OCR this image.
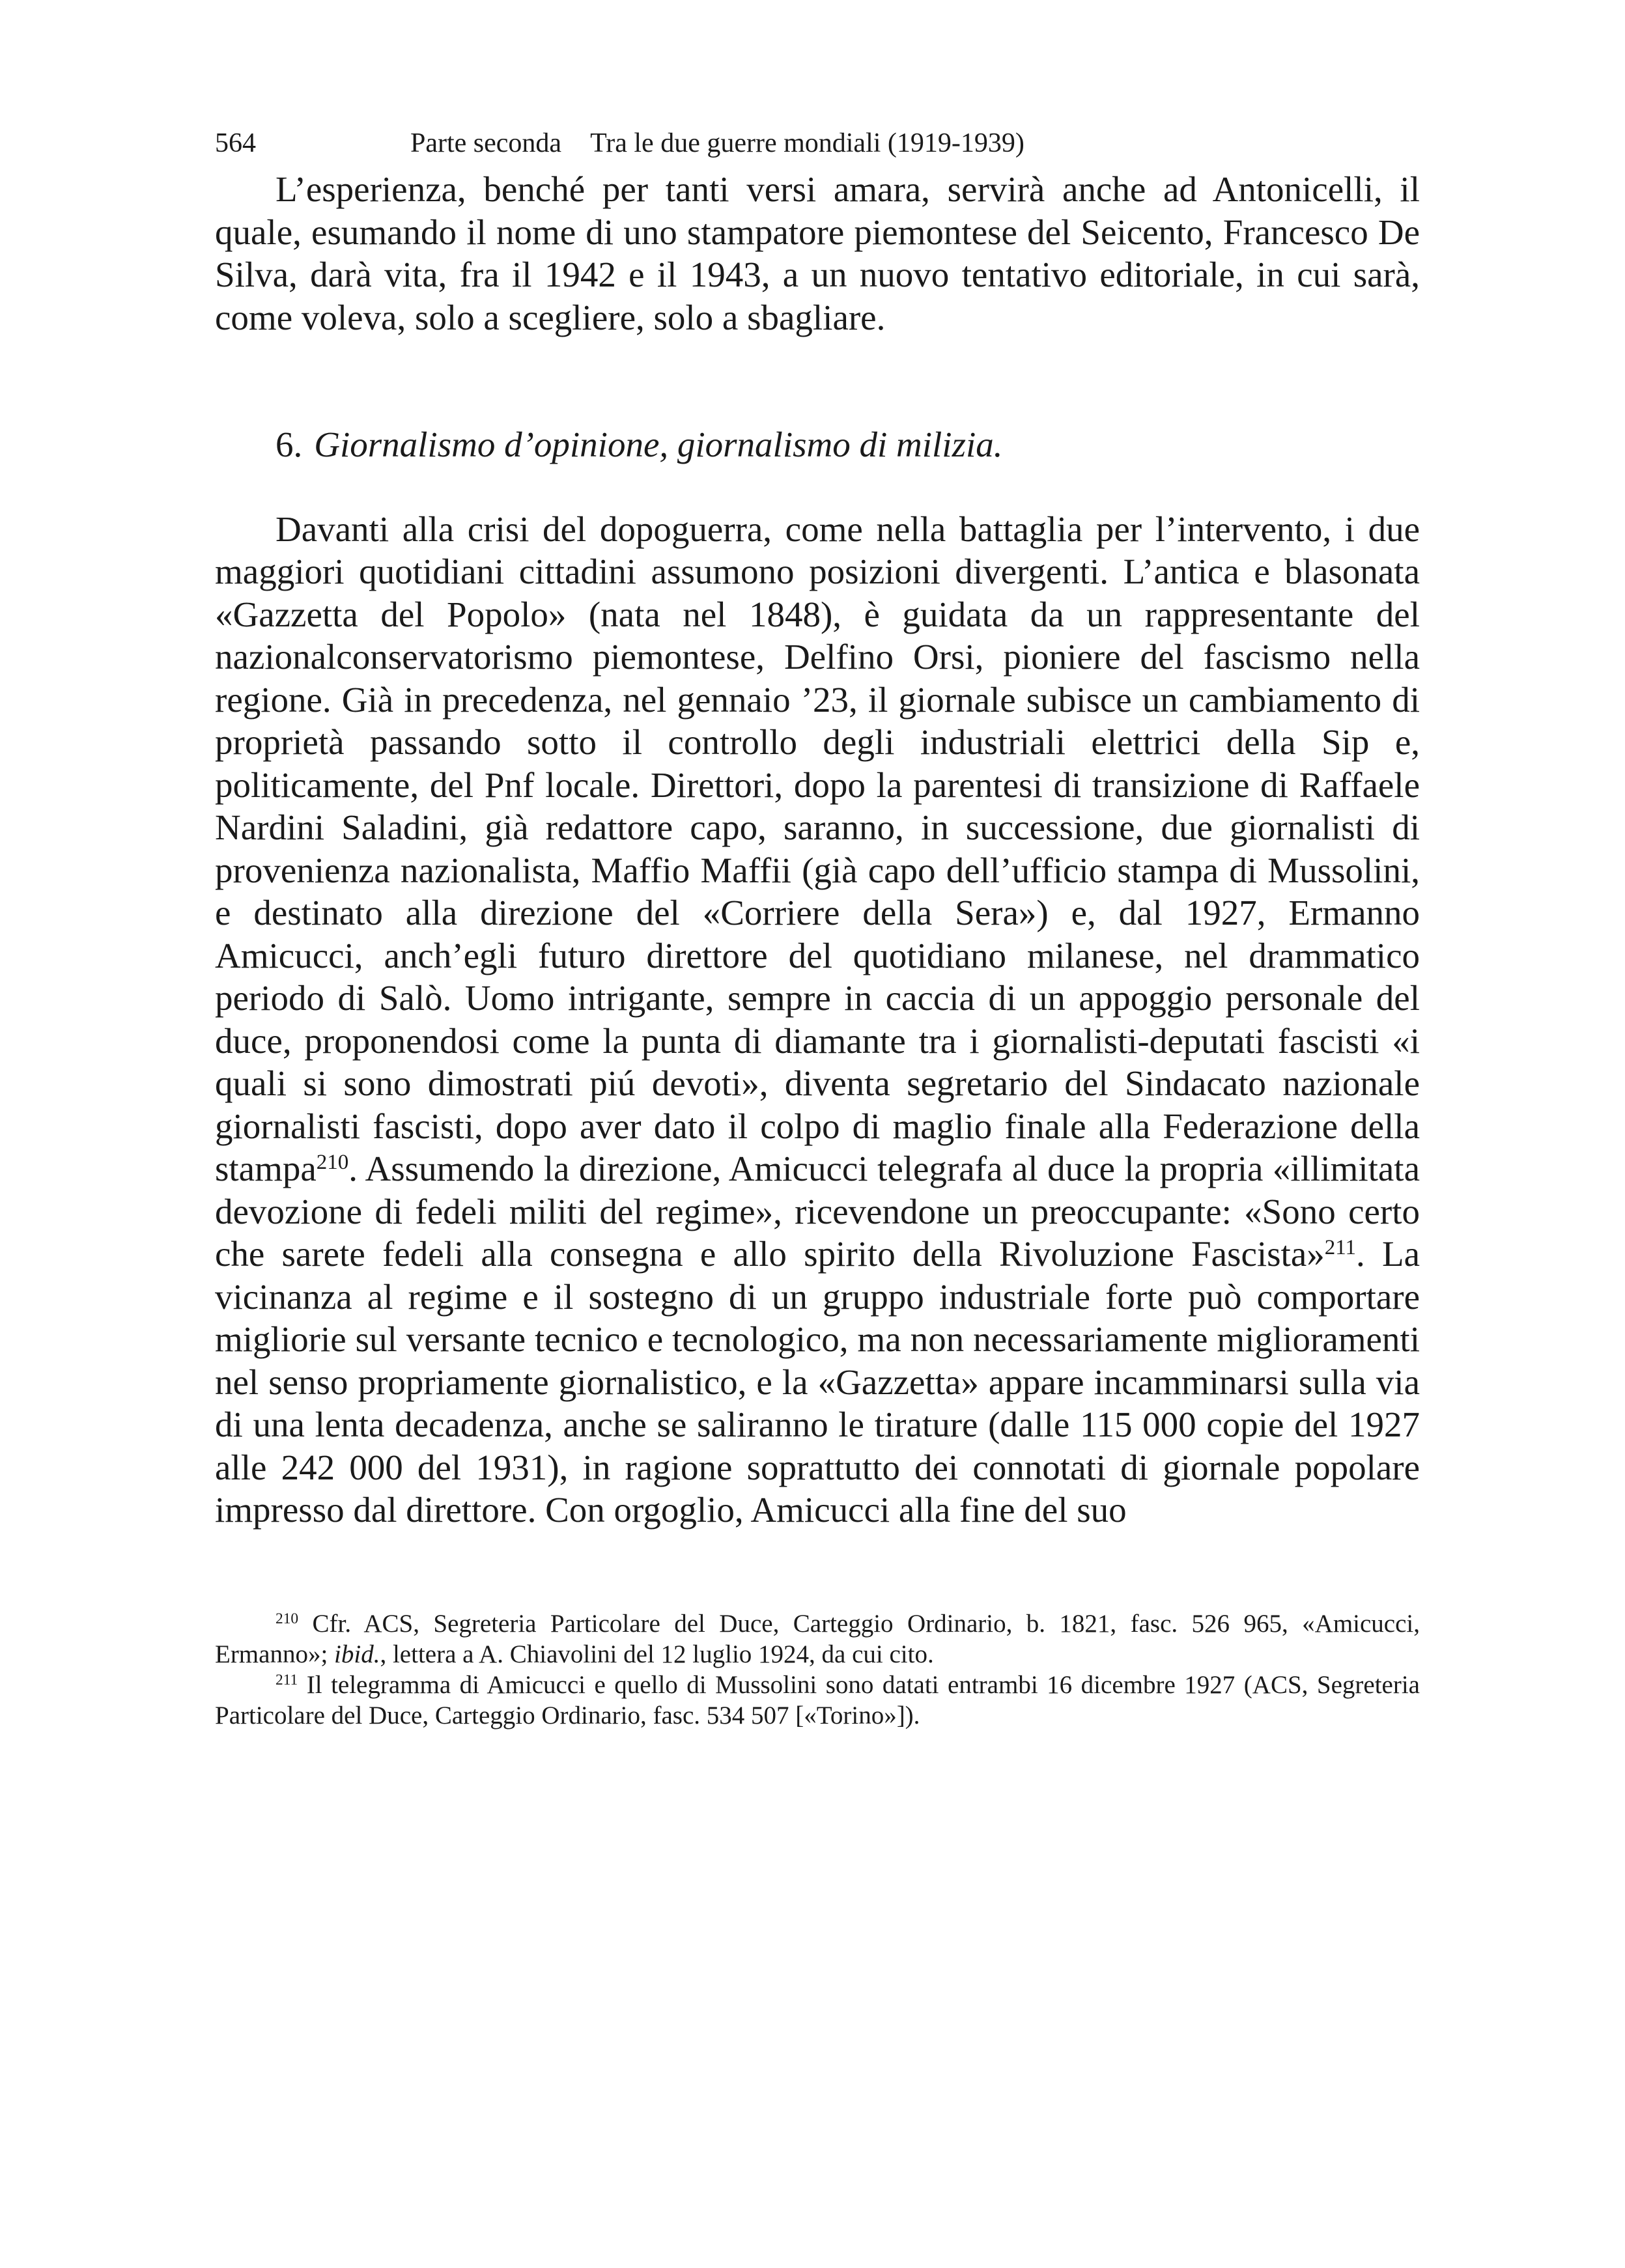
564	Parte seconda Tra le due guerre mondiali (1919-1939)

L’esperienza, benché per tanti versi amara, servirà anche ad Antonicelli, il quale, esumando il nome di uno stampatore piemontese del Seicento, Francesco De Silva, darà vita, fra il 1942 e il 1943, a un nuovo tentativo editoriale, in cui sarà, come voleva, solo a scegliere, solo a sbagliare.

6. Giornalismo d’opinione, giornalismo di milizia.

Davanti alla crisi del dopoguerra, come nella battaglia per l’intervento, i due maggiori quotidiani cittadini assumono posizioni divergenti. L’antica e blasonata «Gazzetta del Popolo» (nata nel 1848), è guidata da un rappresentante del nazionalconservatorismo piemontese, Delfino Orsi, pioniere del fascismo nella regione. Già in precedenza, nel gennaio ’23, il giornale subisce un cambiamento di proprietà passando sotto il controllo degli industriali elettrici della Sip e, politicamente, del Pnf locale. Direttori, dopo la parentesi di transizione di Raffaele Nardini Saladini, già redattore capo, saranno, in successione, due giornalisti di provenienza nazionalista, Maffio Maffii (già capo dell’ufficio stampa di Mussolini, e destinato alla direzione del «Corriere della Sera») e, dal 1927, Ermanno Amicucci, anch’egli futuro direttore del quotidiano milanese, nel drammatico periodo di Salò. Uomo intrigante, sempre in caccia di un appoggio personale del duce, proponendosi come la punta di diamante tra i giornalisti-deputati fascisti «i quali si sono dimostrati piú devoti», diventa segretario del Sindacato nazionale giornalisti fascisti, dopo aver dato il colpo di maglio finale alla Federazione della stampa$^{210}$. Assumendo la direzione, Amicucci telegrafa al duce la propria «illimitata devozione di fedeli militi del regime», ricevendone un preoccupante: «Sono certo che sarete fedeli alla consegna e allo spirito della Rivoluzione Fascista»$^{211}$. La vicinanza al regime e il sostegno di un gruppo industriale forte può comportare migliorie sul versante tecnico e tecnologico, ma non necessariamente miglioramenti nel senso propriamente giornalistico, e la «Gazzetta» appare incamminarsi sulla via di una lenta decadenza, anche se saliranno le tirature (dalle 115 000 copie del 1927 alle 242 000 del 1931), in ragione soprattutto dei connotati di giornale popolare impresso dal direttore. Con orgoglio, Amicucci alla fine del suo

$^{210}$ Cfr. ACS, Segreteria Particolare del Duce, Carteggio Ordinario, b. 1821, fasc. 526 965, «Amicucci, Ermanno»; ibid., lettera a A. Chiavolini del 12 luglio 1924, da cui cito.

$^{211}$ Il telegramma di Amicucci e quello di Mussolini sono datati entrambi 16 dicembre 1927 (ACS, Segreteria Particolare del Duce, Carteggio Ordinario, fasc. 534 507 [«Torino»]).
